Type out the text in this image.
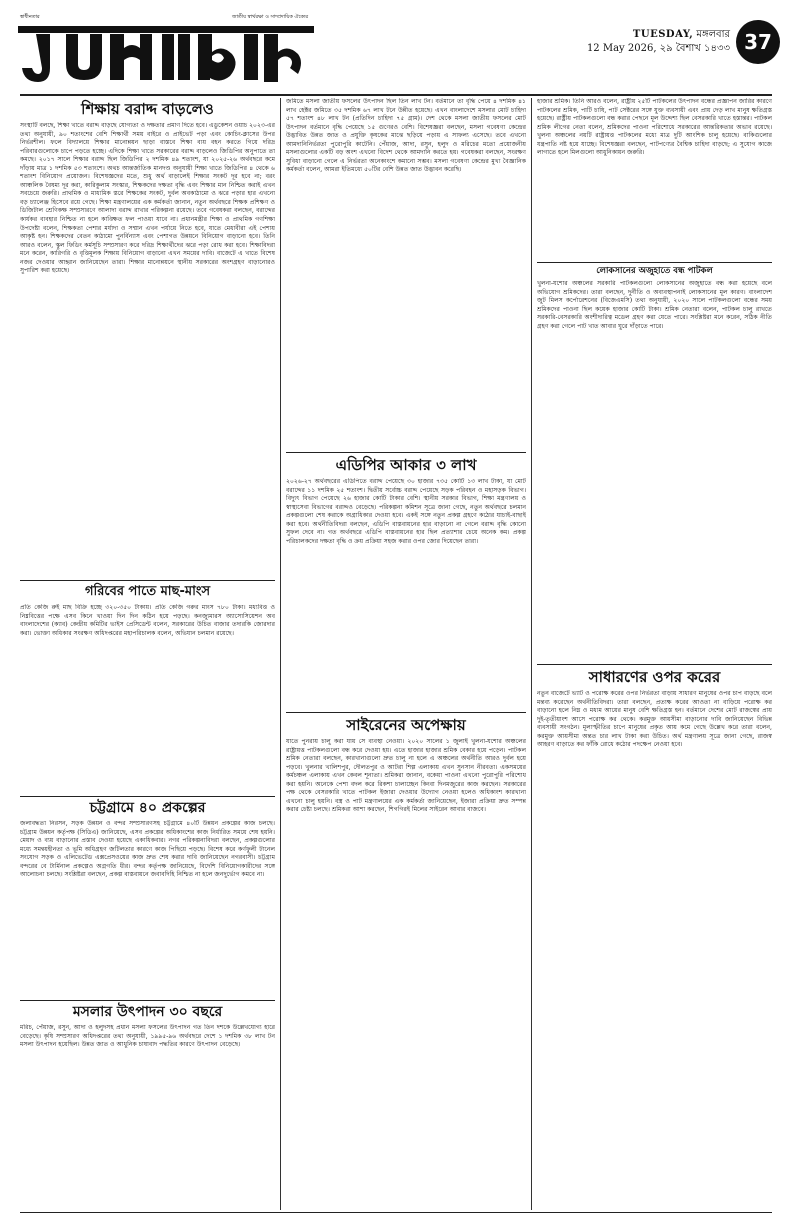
স্বাধীনতার	জাতীয় স্বার্থরক্ষা ও সাম্প্রদায়িক ঐক্যের
TUESDAY, মঙ্গলবার
12 May 2026, ২৯ বৈশাখ ১৪৩৩ 37
শিক্ষায় বরাদ্দ বাড়লেও
সংস্থাটি বলছে, শিক্ষা খাতে বরাদ্দ বাড়ছে যোগ্যতা ও দক্ষতার প্রমাণ দিতে হবে। এডুকেশন ওয়াচ ২০২৩-এর তথ্য অনুযায়ী, ৯০ শতাংশের বেশি শিক্ষার্থী সময় বাইরে ও প্রাইভেট পড়া এবং কোচিং-ক্লাসের উপর নির্ভরশীল। ফলে বিদ্যালয়ে শিক্ষার মানোন্নয়ন ছাড়া বাস্তবে শিক্ষা ব্যয় বহন করতে গিয়ে দরিদ্র পরিবারগুলোকে চাপে পড়তে হচ্ছে। এদিকে শিক্ষা খাতে সরকারের বরাদ্দ বাড়লেও জিডিপির অনুপাতে তা কমছে। ২০১৭ সালে শিক্ষার বরাদ্দ ছিল জিডিপির ২ দশমিক ৪৯ শতাংশ, যা ২০২৫-২৬ অর্থবছরে কমে দাঁড়ায় মাত্র ১ দশমিক ৫৩ শতাংশে। অথচ আন্তর্জাতিক মানদণ্ড অনুযায়ী শিক্ষা খাতে জিডিপির ৪ থেকে ৬ শতাংশ বিনিয়োগ প্রয়োজন। বিশেষজ্ঞদের মতে, শুধু অর্থ বাড়ালেই শিক্ষার সংকট দূর হবে না; বরং আঞ্চলিক বৈষম্য দূর করা, কারিকুলাম সংস্কার, শিক্ষকদের দক্ষতা বৃদ্ধি এবং শিক্ষার মান নিশ্চিত করাই এখন সবচেয়ে জরুরি। প্রাথমিক ও মাধ্যমিক স্তরে শিক্ষকের সংকট, দুর্বল অবকাঠামো ও ঝরে পড়ার হার এখনো বড় চ্যালেঞ্জ হিসেবে রয়ে গেছে। শিক্ষা মন্ত্রণালয়ের এক কর্মকর্তা জানান, নতুন অর্থবছরে শিক্ষক প্রশিক্ষণ ও ডিজিটাল শ্রেণিকক্ষ সম্প্রসারণে আলাদা বরাদ্দ রাখার পরিকল্পনা রয়েছে। তবে গবেষকরা বলছেন, বরাদ্দের কার্যকর ব্যবহার নিশ্চিত না হলে কাঙ্ক্ষিত ফল পাওয়া যাবে না। প্রধানমন্ত্রীর শিক্ষা ও প্রাথমিক গণশিক্ষা উপদেষ্টা বলেন, শিক্ষকতা পেশার মর্যাদা ও সম্মান এখন পর্যায়ে নিতে হবে, যাতে মেধাবীরা এই পেশায় আকৃষ্ট হন। শিক্ষকদের বেতন কাঠামো পুনর্বিন্যাস এবং পেশাগত উন্নয়নে বিনিয়োগ বাড়ানো হবে। তিনি আরও বলেন, স্কুল ফিডিং কর্মসূচি সম্প্রসারণ করে দরিদ্র শিক্ষার্থীদের ঝরে পড়া রোধ করা হবে। শিক্ষাবিদরা মনে করেন, কারিগরি ও বৃত্তিমূলক শিক্ষায় বিনিয়োগ বাড়ানো এখন সময়ের দাবি। বাজেটে এ খাতে বিশেষ নজর দেওয়ার আহ্বান জানিয়েছেন তারা। শিক্ষার মানোন্নয়নে স্থানীয় সরকারের অংশগ্রহণ বাড়ানোরও সুপারিশ করা হয়েছে।
গরিবের পাতে মাছ-মাংস
প্রতি কেজি রুই মাছ বিক্রি হচ্ছে ৩২০-৩৫০ টাকায়। প্রতি কেজি গরুর মাংস ৭৮০ টাকা। মধ্যবিত্ত ও নিম্নবিত্তের পক্ষে এসব কিনে খাওয়া দিন দিন কঠিন হয়ে পড়ছে। কনজ্যুমারস অ্যাসোসিয়েশন অব বাংলাদেশের (ক্যাব) কেন্দ্রীয় কমিটির ভাইস প্রেসিডেন্ট বলেন, সরকারের উচিত বাজার তদারকি জোরদার করা। ভোক্তা অধিকার সংরক্ষণ অধিদপ্তরের মহাপরিচালক বলেন, অভিযান চলমান রয়েছে।
চট্টগ্রামে ৪০ প্রকল্পের
জলাবদ্ধতা নিরসন, সড়ক উন্নয়ন ও বন্দর সম্প্রসারণসহ চট্টগ্রামে ৪০টি উন্নয়ন প্রকল্পের কাজ চলছে। চট্টগ্রাম উন্নয়ন কর্তৃপক্ষ (সিডিএ) জানিয়েছে, এসব প্রকল্পের অধিকাংশের কাজ নির্ধারিত সময়ে শেষ হয়নি। মেয়াদ ও ব্যয় বাড়ানোর প্রস্তাব দেওয়া হয়েছে একাধিকবার। নগর পরিকল্পনাবিদরা বলছেন, প্রকল্পগুলোর মধ্যে সমন্বয়হীনতা ও ভূমি অধিগ্রহণ জটিলতার কারণে কাজ পিছিয়ে পড়ছে। বিশেষ করে কর্ণফুলী টানেল সংযোগ সড়ক ও এলিভেটেড এক্সপ্রেসওয়ের কাজ দ্রুত শেষ করার দাবি জানিয়েছেন নগরবাসী। চট্টগ্রাম বন্দরের বে টার্মিনাল প্রকল্পেও অগ্রগতি ধীর। বন্দর কর্তৃপক্ষ জানিয়েছে, বিদেশি বিনিয়োগকারীদের সঙ্গে আলোচনা চলছে। সংশ্লিষ্টরা বলছেন, প্রকল্প বাস্তবায়নে জবাবদিহি নিশ্চিত না হলে জনদুর্ভোগ কমবে না।
মসলার উৎপাদন ৩০ বছরে
মরিচ, পেঁয়াজ, রসুন, আদা ও হলুদসহ প্রধান মসলা ফসলের উৎপাদন গত তিন দশকে উল্লেখযোগ্য হারে বেড়েছে। কৃষি সম্প্রসারণ অধিদপ্তরের তথ্য অনুযায়ী, ১৯৯৫-৯৬ অর্থবছরে দেশে ১ দশমিক ৩৮ লাখ টন মসলা উৎপাদন হয়েছিল। উন্নত জাত ও আধুনিক চাষাবাদ পদ্ধতির কারণে উৎপাদন বেড়েছে।
জমিতে মসলা জাতীয় ফসলের উৎপাদন ছিল তিন লাখ টন। বর্তমানে তা বৃদ্ধি পেয়ে ৪ দশমিক ৪১ লাখ হেক্টর জমিতে ৩৫ দশমিক ৬৭ লাখ টনে উন্নীত হয়েছে। এখন বাংলাদেশে মসলার মোট চাহিদা ৫৭ শতাংশ ৪৮ লাখ টন (প্রতিদিন চাহিদা ৭৫ গ্রাম)। দেশ থেকে মসলা জাতীয় ফসলের মোট উৎপাদন বর্তমানে বৃদ্ধি পেয়েছে ১৫ গুণেরও বেশি। বিশেষজ্ঞরা বলছেন, মসলা গবেষণা কেন্দ্রের উদ্ভাবিত উন্নত জাত ও প্রযুক্তি কৃষকের মাঝে ছড়িয়ে পড়ায় এ সাফল্য এসেছে। তবে এখনো আমদানিনির্ভরতা পুরোপুরি কাটেনি। পেঁয়াজ, আদা, রসুন, হলুদ ও মরিচের মতো প্রয়োজনীয় মসলাগুলোর একটি বড় অংশ এখনো বিদেশ থেকে আমদানি করতে হয়। গবেষকরা বলছেন, সংরক্ষণ সুবিধা বাড়ানো গেলে এ নির্ভরতা অনেকাংশে কমানো সম্ভব। মসলা গবেষণা কেন্দ্রের মুখ্য বৈজ্ঞানিক কর্মকর্তা বলেন, আমরা ইতিমধ্যে ৫০টির বেশি উন্নত জাত উদ্ভাবন করেছি।
এডিপির আকার ৩ লাখ
২০২৬-২৭ অর্থবছরের এডিপিতে বরাদ্দ পেয়েছে ৩০ হাজার ৭৩৫ কোটি ১৩ লাখ টাকা, যা মোট বরাদ্দের ১১ দশমিক ২৫ শতাংশ। দ্বিতীয় সর্বোচ্চ বরাদ্দ পেয়েছে সড়ক পরিবহন ও মহাসড়ক বিভাগ। বিদ্যুৎ বিভাগ পেয়েছে ২৬ হাজার কোটি টাকার বেশি। স্থানীয় সরকার বিভাগ, শিক্ষা মন্ত্রণালয় ও স্বাস্থ্যসেবা বিভাগের বরাদ্দও বেড়েছে। পরিকল্পনা কমিশন সূত্রে জানা গেছে, নতুন অর্থবছরে চলমান প্রকল্পগুলো শেষ করাকে অগ্রাধিকার দেওয়া হবে। একই সঙ্গে নতুন প্রকল্প গ্রহণে কঠোর যাচাই-বাছাই করা হবে। অর্থনীতিবিদরা বলছেন, এডিপি বাস্তবায়নের হার বাড়ানো না গেলে বরাদ্দ বৃদ্ধি কোনো সুফল দেবে না। গত অর্থবছরে এডিপি বাস্তবায়নের হার ছিল প্রত্যাশার চেয়ে অনেক কম। প্রকল্প পরিচালকদের দক্ষতা বৃদ্ধি ও ক্রয় প্রক্রিয়া সহজ করার ওপর জোর দিয়েছেন তারা।
সাইরেনের অপেক্ষায়
যাতে পুনরায় চালু করা যায় সে ব্যবস্থা নেওয়া। ২০২০ সালের ১ জুলাই খুলনা-যশোর অঞ্চলের রাষ্ট্রায়ত্ত পাটকলগুলো বন্ধ করে দেওয়া হয়। এতে হাজার হাজার শ্রমিক বেকার হয়ে পড়েন। পাটকল শ্রমিক নেতারা বলছেন, কারখানাগুলো দ্রুত চালু না হলে এ অঞ্চলের অর্থনীতি আরও দুর্বল হয়ে পড়বে। খুলনার খালিশপুর, দৌলতপুর ও আটরা শিল্প এলাকায় এখন সুনসান নীরবতা। একসময়ের কর্মচঞ্চল এলাকায় এখন কেবল শূন্যতা। শ্রমিকরা জানান, বকেয়া পাওনা এখনো পুরোপুরি পরিশোধ করা হয়নি। অনেকে পেশা বদল করে রিকশা চালাচ্ছেন কিংবা দিনমজুরের কাজ করছেন। সরকারের পক্ষ থেকে বেসরকারি খাতে পাটকল ইজারা দেওয়ার উদ্যোগ নেওয়া হলেও অধিকাংশ কারখানা এখনো চালু হয়নি। বস্ত্র ও পাট মন্ত্রণালয়ের এক কর্মকর্তা জানিয়েছেন, ইজারা প্রক্রিয়া দ্রুত সম্পন্ন করার চেষ্টা চলছে। শ্রমিকরা আশা করছেন, শিগগিরই মিলের সাইরেন আবার বাজবে।
হাজার শ্রমিক। তিনি আরও বলেন, রাষ্ট্রীয় ২৫টি পাটকলের উৎপাদন বন্ধের প্রজ্ঞাপন জারির কারণে পাটকলের শ্রমিক, পাটি চাষি, পাট সেক্টরের সঙ্গে যুক্ত ব্যবসায়ী এবং প্রায় দেড় লাখ মানুষ ক্ষতিগ্রস্ত হয়েছে। রাষ্ট্রীয় পাটকলগুলো বন্ধ করার পেছনে মূল উদ্দেশ্য ছিল বেসরকারি খাতে হস্তান্তর। পাটকল শ্রমিক লীগের নেতা বলেন, শ্রমিকদের পাওনা পরিশোধে সরকারের আন্তরিকতার অভাব রয়েছে। খুলনা অঞ্চলের নয়টি রাষ্ট্রায়ত্ত পাটকলের মধ্যে মাত্র দুটি আংশিক চালু হয়েছে। বাকিগুলোর যন্ত্রপাতি নষ্ট হয়ে যাচ্ছে। বিশেষজ্ঞরা বলছেন, পাটপণ্যের বৈশ্বিক চাহিদা বাড়ছে; এ সুযোগ কাজে লাগাতে হলে মিলগুলো আধুনিকায়ন জরুরি।
লোকসানের অজুহাতে বন্ধ পাটকল
খুলনা-যশোর অঞ্চলের সরকারি পাটকলগুলো লোকসানের অজুহাতে বন্ধ করা হয়েছে বলে অভিযোগ শ্রমিকদের। তারা বলছেন, দুর্নীতি ও অব্যবস্থাপনাই লোকসানের মূল কারণ। বাংলাদেশ জুট মিলস কর্পোরেশনের (বিজেএমসি) তথ্য অনুযায়ী, ২০২০ সালে পাটকলগুলো বন্ধের সময় শ্রমিকদের পাওনা ছিল কয়েক হাজার কোটি টাকা। শ্রমিক নেতারা বলেন, পাটকল চালু রাখতে সরকারি-বেসরকারি অংশীদারিত্ব মডেল গ্রহণ করা যেতে পারে। সংশ্লিষ্টরা মনে করেন, সঠিক নীতি গ্রহণ করা গেলে পাট খাত আবার ঘুরে দাঁড়াতে পারে।
সাধারণের ওপর করের
নতুন বাজেটে ভ্যাট ও পরোক্ষ করের ওপর নির্ভরতা বাড়ায় সাধারণ মানুষের ওপর চাপ বাড়ছে বলে মন্তব্য করেছেন অর্থনীতিবিদরা। তারা বলছেন, প্রত্যক্ষ করের আওতা না বাড়িয়ে পরোক্ষ কর বাড়ানো হলে নিম্ন ও মধ্যম আয়ের মানুষ বেশি ক্ষতিগ্রস্ত হন। বর্তমানে দেশের মোট রাজস্বের প্রায় দুই-তৃতীয়াংশ আসে পরোক্ষ কর থেকে। করমুক্ত আয়সীমা বাড়ানোর দাবি জানিয়েছেন বিভিন্ন ব্যবসায়ী সংগঠন। মূল্যস্ফীতির চাপে মানুষের প্রকৃত আয় কমে গেছে উল্লেখ করে তারা বলেন, করমুক্ত আয়সীমা অন্তত চার লাখ টাকা করা উচিত। অর্থ মন্ত্রণালয় সূত্রে জানা গেছে, রাজস্ব আহরণ বাড়াতে কর ফাঁকি রোধে কঠোর পদক্ষেপ নেওয়া হবে।
